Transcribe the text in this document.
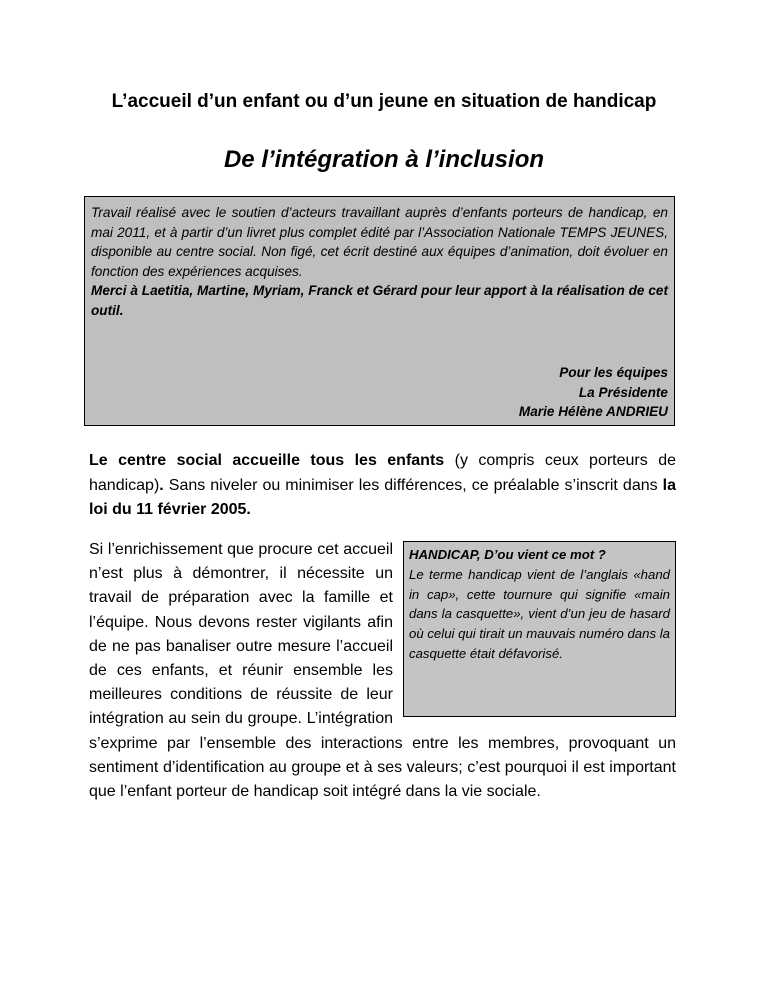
L’accueil d’un enfant ou d’un jeune en situation de handicap
De l’intégration à l’inclusion

Travail réalisé avec le soutien d’acteurs travaillant auprès d’enfants porteurs de handicap, en mai 2011, et à partir d’un livret plus complet édité par l’Association Nationale TEMPS JEUNES, disponible au centre social. Non figé, cet écrit destiné aux équipes d’animation, doit évoluer en fonction des expériences acquises.

Merci à Laetitia, Martine, Myriam, Franck et Gérard pour leur apport à la réalisation de cet outil.

Pour les équipes
La Présidente
Marie Hélène ANDRIEU

Le centre social accueille tous les enfants (y compris ceux porteurs de handicap). Sans niveler ou minimiser les différences, ce préalable s’inscrit dans la loi du 11 février 2005.

HANDICAP, D’ou vient ce mot ?
Le terme handicap vient de l’anglais «hand in cap», cette tournure qui signifie «main dans la casquette», vient d’un jeu de hasard où celui qui tirait un mauvais numéro dans la casquette était défavorisé.

Si l’enrichissement que procure cet accueil n’est plus à démontrer, il nécessite un travail de préparation avec la famille et l’équipe. Nous devons rester vigilants afin de ne pas banaliser outre mesure l’accueil de ces enfants, et réunir ensemble les meilleures conditions de réussite de leur intégration au sein du groupe. L’intégration s’exprime par l’ensemble des interactions entre les membres, provoquant un sentiment d’identification au groupe et à ses valeurs; c’est pourquoi il est important que l’enfant porteur de handicap soit intégré dans la vie sociale.
